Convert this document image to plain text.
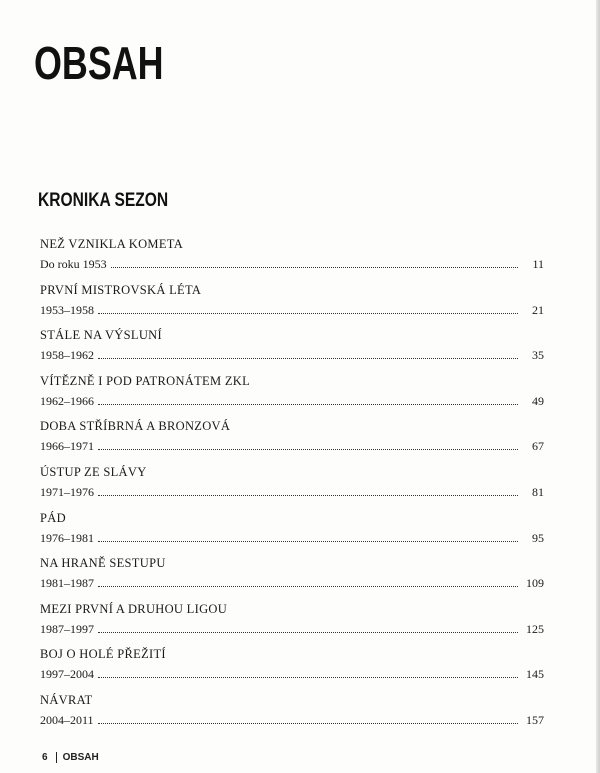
OBSAH
KRONIKA SEZON
NEŽ VZNIKLA KOMETA
Do roku 1953	11
PRVNÍ MISTROVSKÁ LÉTA
1953–1958	21
STÁLE NA VÝSLUNÍ
1958–1962	35
VÍTĚZNĚ I POD PATRONÁTEM ZKL
1962–1966	49
DOBA STŘÍBRNÁ A BRONZOVÁ
1966–1971	67
ÚSTUP ZE SLÁVY
1971–1976	81
PÁD
1976–1981	95
NA HRANĚ SESTUPU
1981–1987	109
MEZI PRVNÍ A DRUHOU LIGOU
1987–1997	125
BOJ O HOLÉ PŘEŽITÍ
1997–2004	145
NÁVRAT
2004–2011	157
6 OBSAH
